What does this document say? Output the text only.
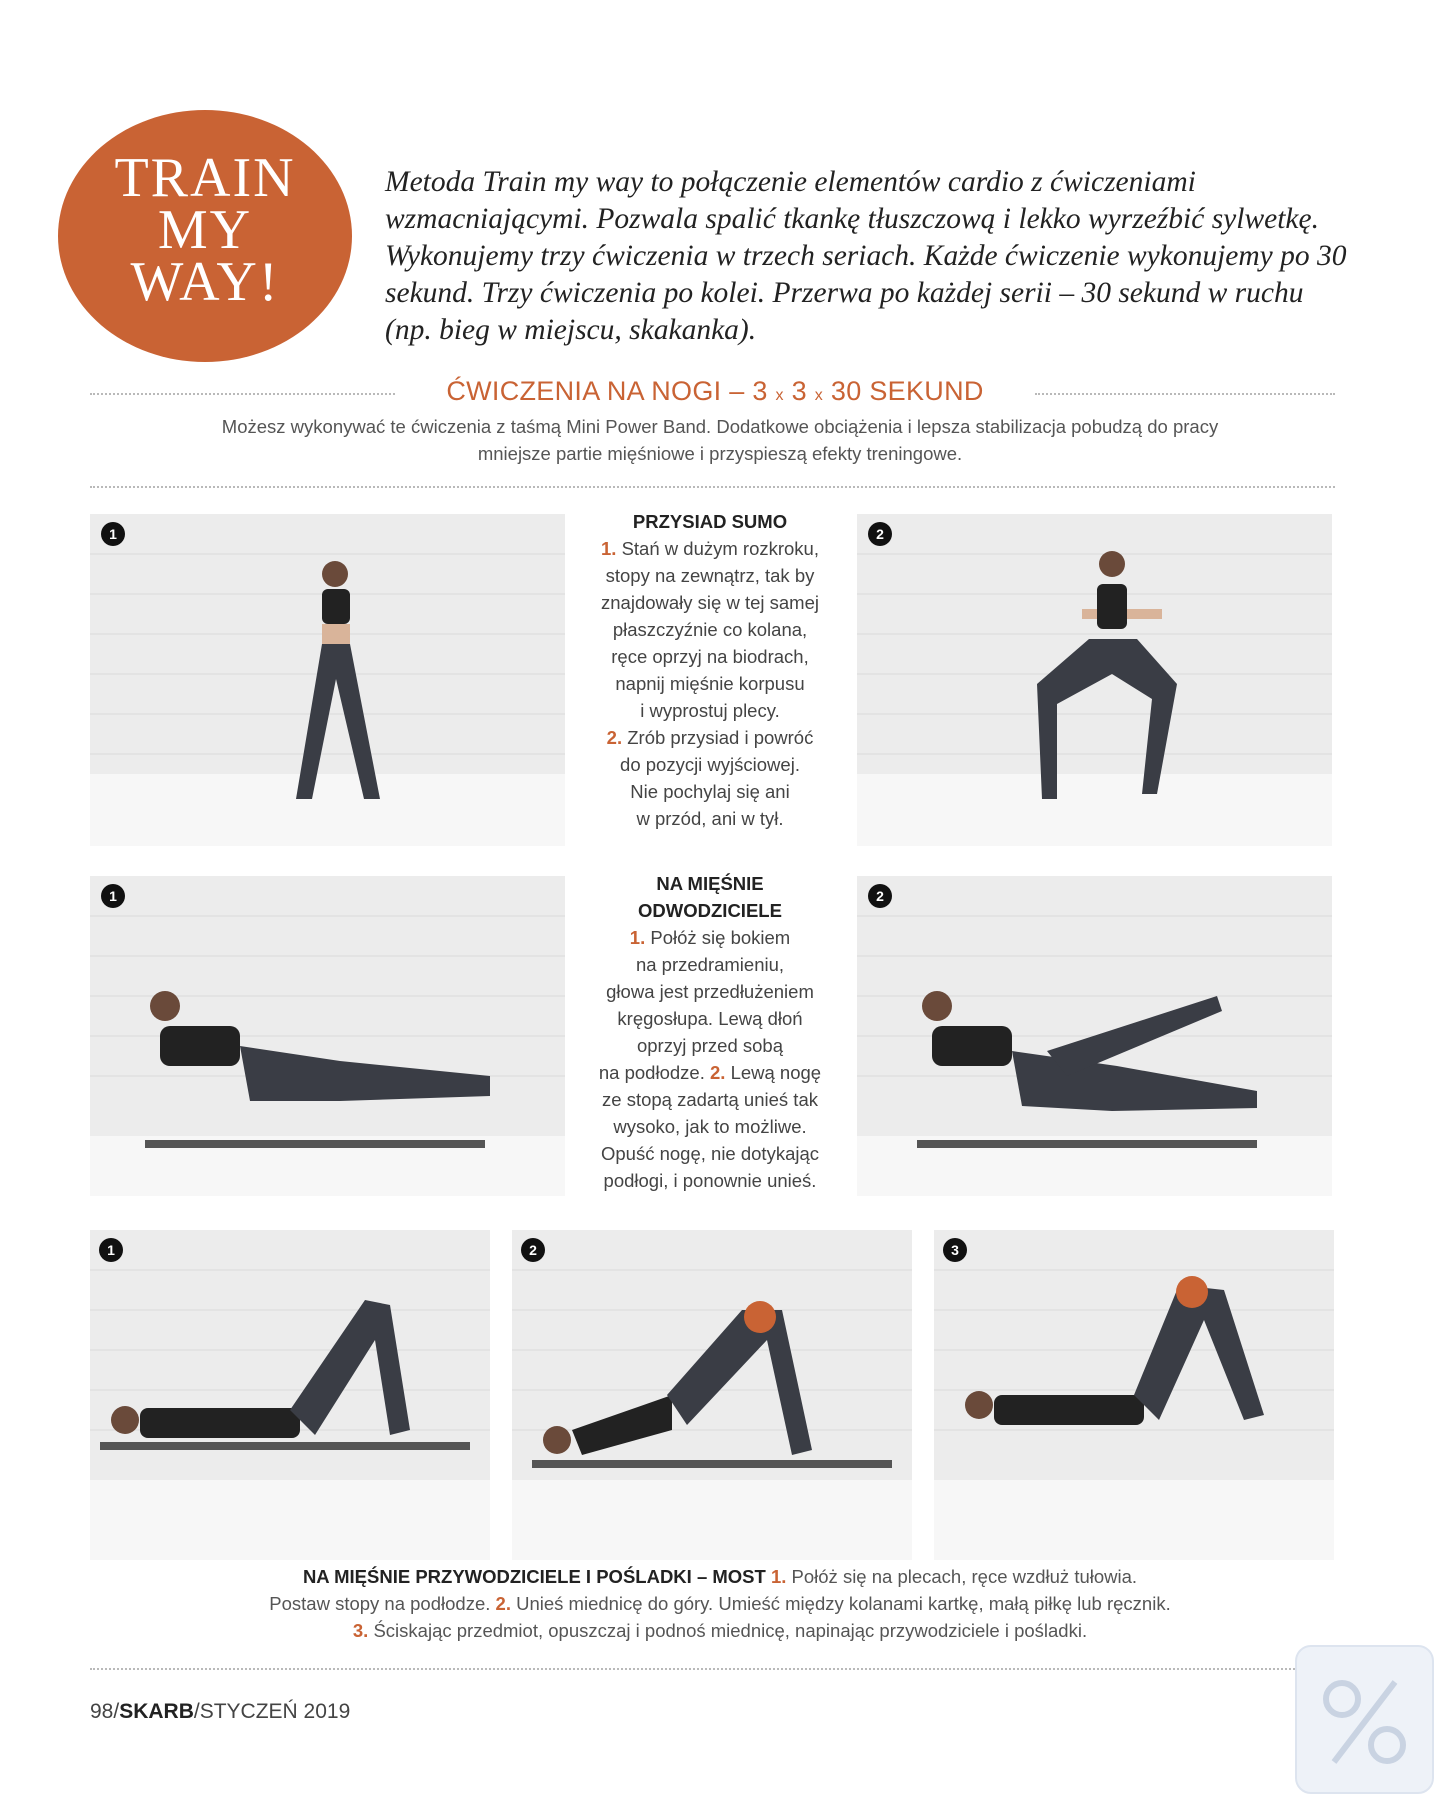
TRAIN
MY
WAY!
Metoda Train my way to połączenie elementów cardio z ćwiczeniami wzmacniającymi. Pozwala spalić tkankę tłuszczową i lekko wyrzeźbić sylwetkę. Wykonujemy trzy ćwiczenia w trzech seriach. Każde ćwiczenie wykonujemy po 30 sekund. Trzy ćwiczenia po kolei. Przerwa po każdej serii – 30 sekund w ruchu (np. bieg w miejscu, skakanka).
ĆWICZENIA NA NOGI – 3 x 3 x 30 SEKUND
Możesz wykonywać te ćwiczenia z taśmą Mini Power Band. Dodatkowe obciążenia i lepsza stabilizacja pobudzą do pracy
mniejsze partie mięśniowe i przyspieszą efekty treningowe.
1
PRZYSIAD SUMO
1. Stań w dużym rozkroku,
stopy na zewnątrz, tak by
znajdowały się w tej samej
płaszczyźnie co kolana,
ręce oprzyj na biodrach,
napnij mięśnie korpusu
i wyprostuj plecy.
2. Zrób przysiad i powróć
do pozycji wyjściowej.
Nie pochylaj się ani
w przód, ani w tył.
2
1
NA MIĘŚNIE
ODWODZICIELE
1. Połóż się bokiem
na przedramieniu,
głowa jest przedłużeniem
kręgosłupa. Lewą dłoń
oprzyj przed sobą
na podłodze. 2. Lewą nogę
ze stopą zadartą unieś tak
wysoko, jak to możliwe.
Opuść nogę, nie dotykając
podłogi, i ponownie unieś.
2
1	2	3
NA MIĘŚNIE PRZYWODZICIELE I POŚLADKI – MOST 1. Połóż się na plecach, ręce wzdłuż tułowia.
Postaw stopy na podłodze. 2. Unieś miednicę do góry. Umieść między kolanami kartkę, małą piłkę lub ręcznik.
3. Ściskając przedmiot, opuszczaj i podnoś miednicę, napinając przywodziciele i pośladki.
98/SKARB/STYCZEŃ 2019
